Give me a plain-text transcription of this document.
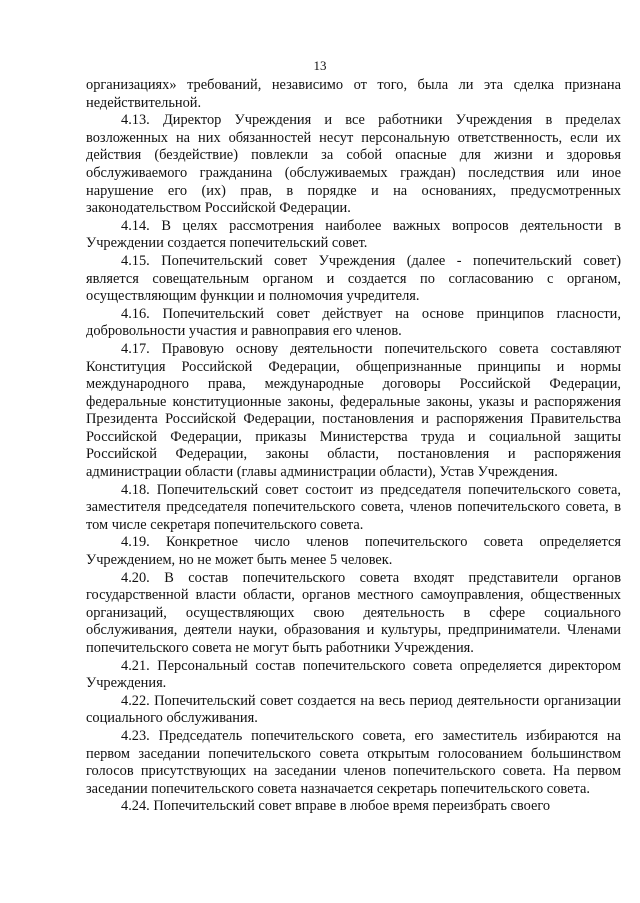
13

организациях» требований, независимо от того, была ли эта сделка признана недействительной.

4.13. Директор Учреждения и все работники Учреждения в пределах возложенных на них обязанностей несут персональную ответственность, если их действия (бездействие) повлекли за собой опасные для жизни и здоровья обслуживаемого гражданина (обслуживаемых граждан) последствия или иное нарушение его (их) прав, в порядке и на основаниях, предусмотренных законодательством Российской Федерации.

4.14. В целях рассмотрения наиболее важных вопросов деятельности в Учреждении создается попечительский совет.

4.15. Попечительский совет Учреждения (далее - попечительский совет) является совещательным органом и создается по согласованию с органом, осуществляющим функции и полномочия учредителя.

4.16. Попечительский совет действует на основе принципов гласности, добровольности участия и равноправия его членов.

4.17. Правовую основу деятельности попечительского совета составляют Конституция Российской Федерации, общепризнанные принципы и нормы международного права, международные договоры Российской Федерации, федеральные конституционные законы, федеральные законы, указы и распоряжения Президента Российской Федерации, постановления и распоряжения Правительства Российской Федерации, приказы Министерства труда и социальной защиты Российской Федерации, законы области, постановления и распоряжения администрации области (главы администрации области), Устав Учреждения.

4.18. Попечительский совет состоит из председателя попечительского совета, заместителя председателя попечительского совета, членов попечительского совета, в том числе секретаря попечительского совета.

4.19. Конкретное число членов попечительского совета определяется Учреждением, но не может быть менее 5 человек.

4.20. В состав попечительского совета входят представители органов государственной власти области, органов местного самоуправления, общественных организаций, осуществляющих свою деятельность в сфере социального обслуживания, деятели науки, образования и культуры, предприниматели. Членами попечительского совета не могут быть работники Учреждения.

4.21. Персональный состав попечительского совета определяется директором Учреждения.

4.22. Попечительский совет создается на весь период деятельности организации социального обслуживания.

4.23. Председатель попечительского совета, его заместитель избираются на первом заседании попечительского совета открытым голосованием большинством голосов присутствующих на заседании членов попечительского совета. На первом заседании попечительского совета назначается секретарь попечительского совета.

4.24. Попечительский совет вправе в любое время переизбрать своего
